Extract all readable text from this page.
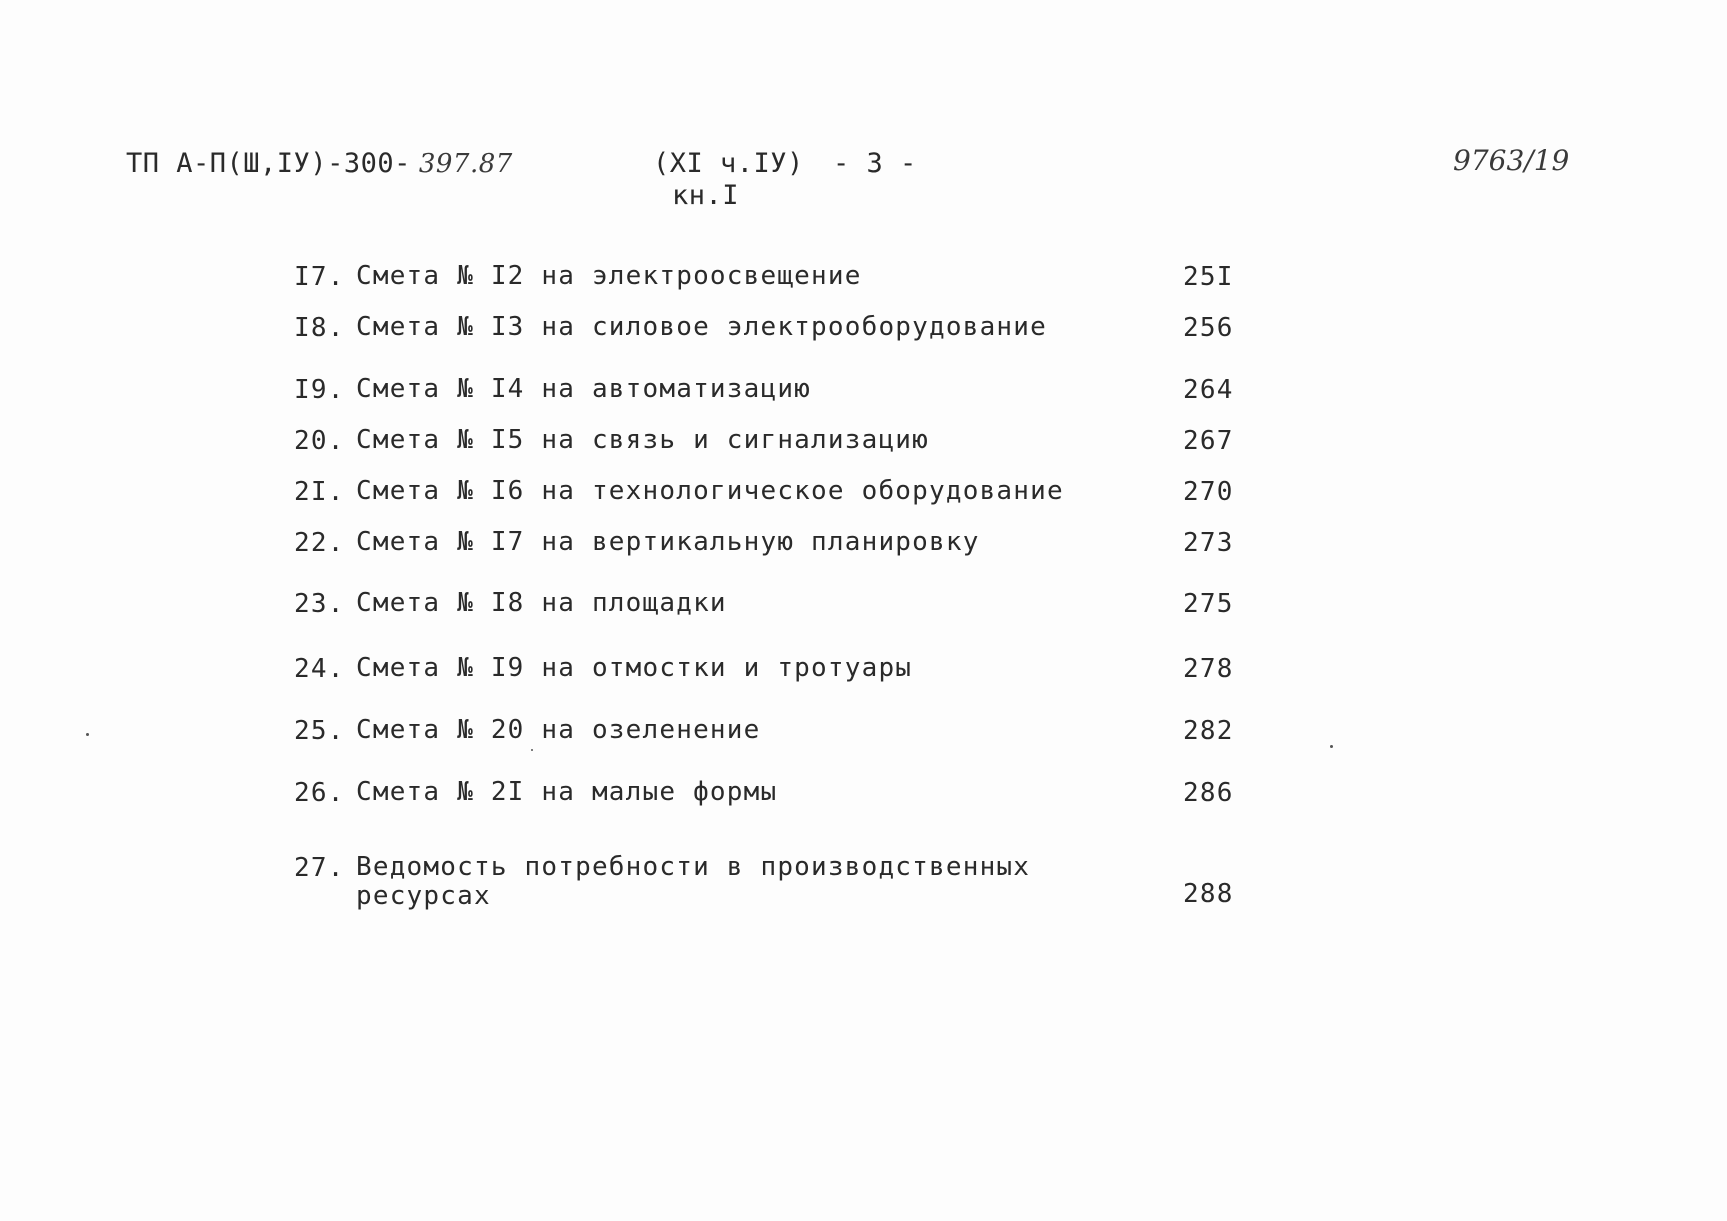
ТП А-П(Ш,IУ)-300- 397.87	(XI ч.IУ) - 3 -
кн.I
9763/19
I7. Смета № I2 на электроосвещение	25I
I8. Смета № I3 на силовое электрооборудование	256
I9. Смета № I4 на автоматизацию	264
20. Смета № I5 на связь и сигнализацию	267
2I. Смета № I6 на технологическое оборудование	270
22. Смета № I7 на вертикальную планировку	273
23. Смета № I8 на площадки	275
24. Смета № I9 на отмостки и тротуары	278
25. Смета № 20 на озеленение	282
26. Смета № 2I на малые формы	286
27. Ведомость потребности в производственных
ресурсах	288
